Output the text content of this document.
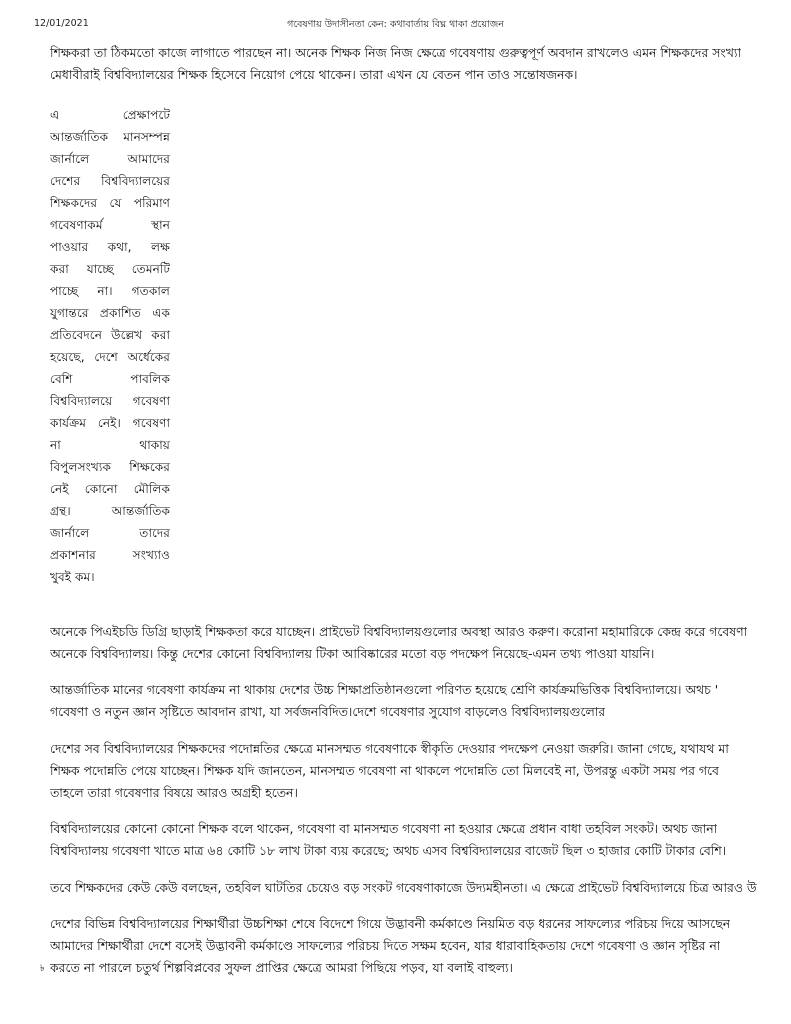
12/01/2021	গবেষণায় উদাসীনতা কেন: কথাবার্তায় বিঘ্ন থাকা প্রয়োজন
শিক্ষকরা তা ঠিকমতো কাজে লাগাতে পারছেন না। অনেক শিক্ষক নিজ নিজ ক্ষেত্রে গবেষণায় গুরুত্বপূর্ণ অবদান রাখলেও এমন শিক্ষকদের সংখ্যা
মেধাবীরাই বিশ্ববিদ্যালয়ের শিক্ষক হিসেবে নিয়োগ পেয়ে থাকেন। তারা এখন যে বেতন পান তাও সন্তোষজনক।
এ প্রেক্ষাপটে
আন্তর্জাতিক মানসম্পন্ন
জার্নালে আমাদের
দেশের বিশ্ববিদ্যালয়ের
শিক্ষকদের যে পরিমাণ
গবেষণাকর্ম স্থান
পাওয়ার কথা, লক্ষ
করা যাচ্ছে তেমনটি
পাচ্ছে না। গতকাল
যুগান্তরে প্রকাশিত এক
প্রতিবেদনে উল্লেখ করা
হয়েছে, দেশে অর্ধেকের
বেশি পাবলিক
বিশ্ববিদ্যালয়ে গবেষণা
কার্যক্রম নেই। গবেষণা
না থাকায়
বিপুলসংখ্যক শিক্ষকের
নেই কোনো মৌলিক
গ্রন্থ। আন্তর্জাতিক
জার্নালে তাদের
প্রকাশনার সংখ্যাও
খুবই কম।
অনেকে পিএইচডি ডিগ্রি ছাড়াই শিক্ষকতা করে যাচ্ছেন। প্রাইভেট বিশ্ববিদ্যালয়গুলোর অবস্থা আরও করুণ। করোনা মহামারিকে কেন্দ্র করে গবেষণা
অনেকে বিশ্ববিদ্যালয়। কিন্তু দেশের কোনো বিশ্ববিদ্যালয় টিকা আবিষ্কারের মতো বড় পদক্ষেপ নিয়েছে-এমন তথ্য পাওয়া যায়নি।
আন্তর্জাতিক মানের গবেষণা কার্যক্রম না থাকায় দেশের উচ্চ শিক্ষাপ্রতিষ্ঠানগুলো পরিণত হয়েছে শ্রেণি কার্যক্রমভিত্তিক বিশ্ববিদ্যালয়ে। অথচ '
গবেষণা ও নতুন জ্ঞান সৃষ্টিতে আবদান রাখা, যা সর্বজনবিদিত।দেশে গবেষণার সুযোগ বাড়লেও বিশ্ববিদ্যালয়গুলোর
দেশের সব বিশ্ববিদ্যালয়ের শিক্ষকদের পদোন্নতির ক্ষেত্রে মানসম্মত গবেষণাকে স্বীকৃতি দেওয়ার পদক্ষেপ নেওয়া জরুরি। জানা গেছে, যথাযথ মা
শিক্ষক পদোন্নতি পেয়ে যাচ্ছেন। শিক্ষক যদি জানতেন, মানসম্মত গবেষণা না থাকলে পদোন্নতি তো মিলবেই না, উপরন্তু একটা সময় পর গবে
তাহলে তারা গবেষণার বিষয়ে আরও অগ্রহী হতেন।
বিশ্ববিদ্যালয়ের কোনো কোনো শিক্ষক বলে থাকেন, গবেষণা বা মানসম্মত গবেষণা না হওয়ার ক্ষেত্রে প্রধান বাধা তহবিল সংকট। অথচ জানা
বিশ্ববিদ্যালয় গবেষণা খাতে মাত্র ৬৪ কোটি ১৮ লাখ টাকা ব্যয় করেছে; অথচ এসব বিশ্ববিদ্যালয়ের বাজেট ছিল ৩ হাজার কোটি টাকার বেশি।
তবে শিক্ষকদের কেউ কেউ বলছেন, তহবিল ঘাটতির চেয়েও বড় সংকট গবেষণাকাজে উদ্যমহীনতা। এ ক্ষেত্রে প্রাইভেট বিশ্ববিদ্যালয়ে চিত্র আরও উ
দেশের বিভিন্ন বিশ্ববিদ্যালয়ের শিক্ষার্থীরা উচ্চশিক্ষা শেষে বিদেশে গিয়ে উদ্ভাবনী কর্মকাণ্ডে নিয়মিত বড় ধরনের সাফল্যের পরিচয় দিয়ে আসছেন
আমাদের শিক্ষার্থীরা দেশে বসেই উদ্ভাবনী কর্মকাণ্ডে সাফল্যের পরিচয় দিতে সক্ষম হবেন, যার ধারাবাহিকতায় দেশে গবেষণা ও জ্ঞান সৃষ্টির না
করতে না পারলে চতুর্থ শিল্পবিপ্লবের সুফল প্রাপ্তির ক্ষেত্রে আমরা পিছিয়ে পড়ব, যা বলাই বাহুল্য।
৳
